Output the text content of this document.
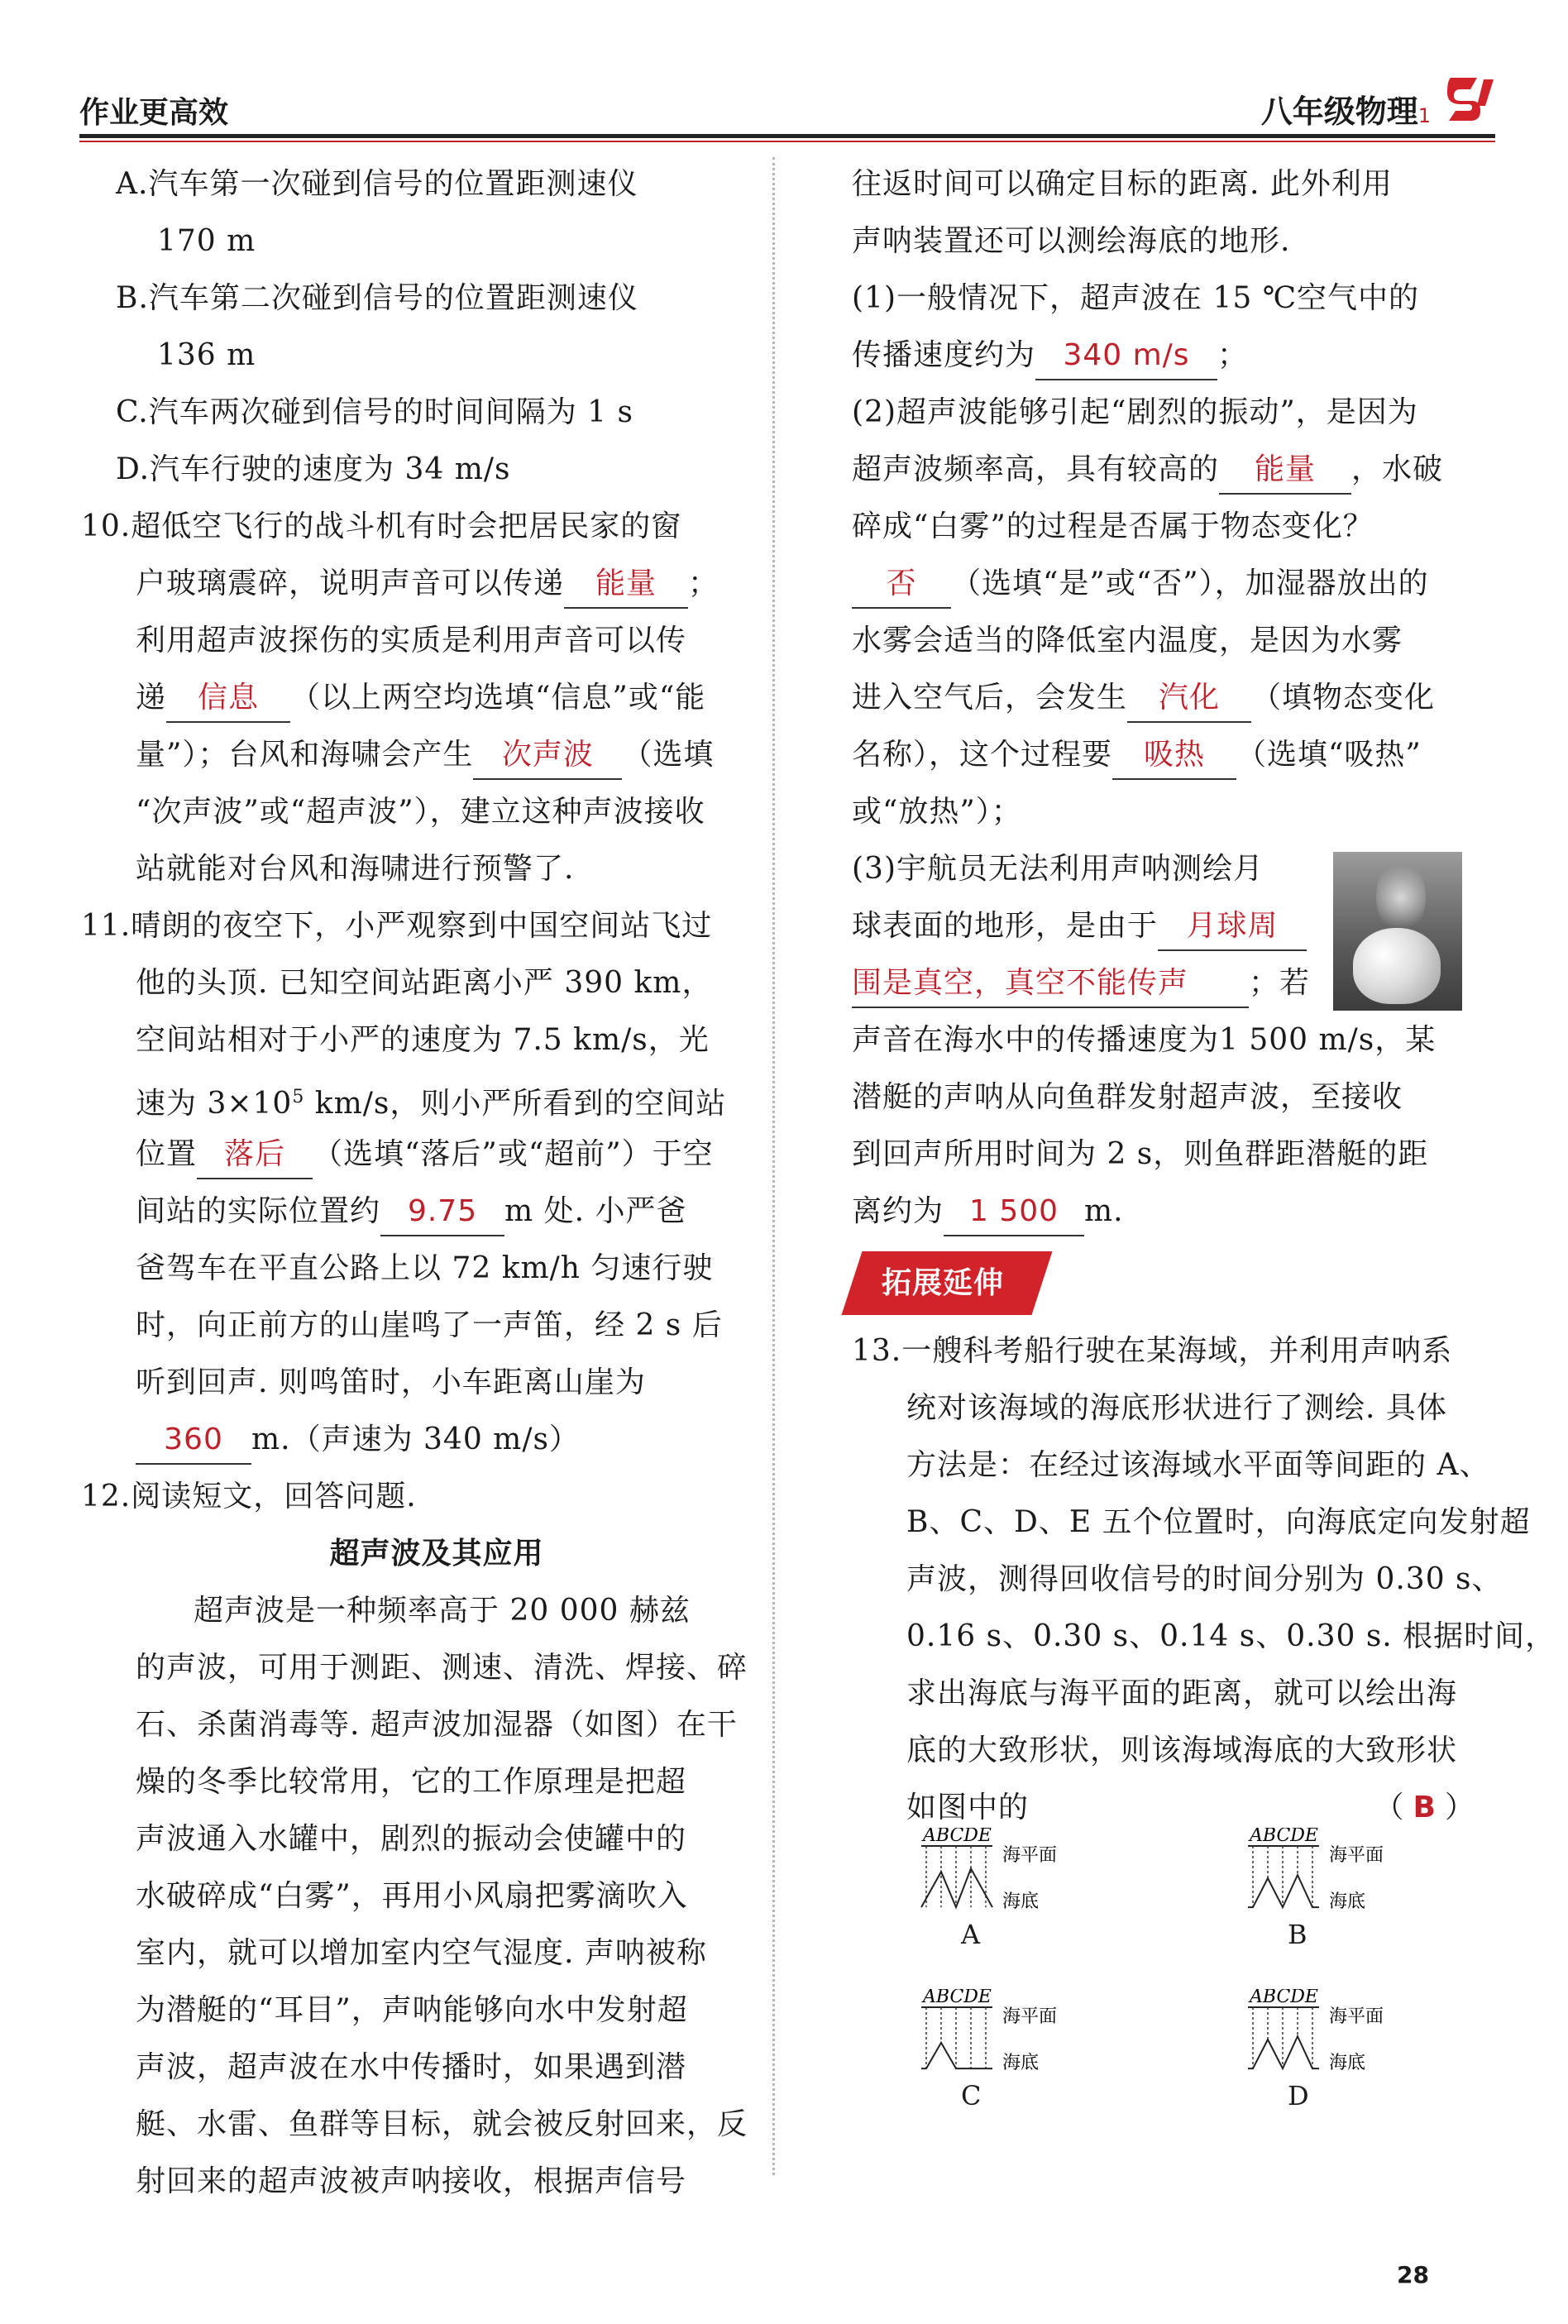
作业更高效	八年级物理1
A.汽车第一次碰到信号的位置距测速仪
170 m
B.汽车第二次碰到信号的位置距测速仪
136 m
C.汽车两次碰到信号的时间间隔为 1 s
D.汽车行驶的速度为 34 m/s
10.超低空飞行的战斗机有时会把居民家的窗
户玻璃震碎，说明声音可以传递 能量 ；
利用超声波探伤的实质是利用声音可以传
递 信息 （以上两空均选填“信息”或“能
量”）；台风和海啸会产生 次声波 （选填
“次声波”或“超声波”），建立这种声波接收
站就能对台风和海啸进行预警了.
11.晴朗的夜空下，小严观察到中国空间站飞过
他的头顶. 已知空间站距离小严 390 km，
空间站相对于小严的速度为 7.5 km/s，光
速为 $3\times 10^5$ km/s，则小严所看到的空间站
位置 落后 （选填“落后”或“超前”）于空
间站的实际位置约 9.75 m 处. 小严爸
爸驾车在平直公路上以 72 km/h 匀速行驶
时，向正前方的山崖鸣了一声笛，经 2 s 后
听到回声. 则鸣笛时，小车距离山崖为
360 m.（声速为 340 m/s）
12.阅读短文，回答问题.
超声波及其应用
超声波是一种频率高于 20 000 赫兹
的声波，可用于测距、测速、清洗、焊接、碎
石、杀菌消毒等. 超声波加湿器（如图）在干
燥的冬季比较常用，它的工作原理是把超
声波通入水罐中，剧烈的振动会使罐中的
水破碎成“白雾”，再用小风扇把雾滴吹入
室内，就可以增加室内空气湿度. 声呐被称
为潜艇的“耳目”，声呐能够向水中发射超
声波，超声波在水中传播时，如果遇到潜
艇、水雷、鱼群等目标，就会被反射回来，反
射回来的超声波被声呐接收，根据声信号
往返时间可以确定目标的距离. 此外利用
声呐装置还可以测绘海底的地形.
(1)一般情况下，超声波在 15 ℃空气中的
传播速度约为 340 m/s ；
(2)超声波能够引起“剧烈的振动”，是因为
超声波频率高，具有较高的 能量 ，水破
碎成“白雾”的过程是否属于物态变化？
否 （选填“是”或“否”），加湿器放出的
水雾会适当的降低室内温度，是因为水雾
进入空气后，会发生 汽化 （填物态变化
名称），这个过程要 吸热 （选填“吸热”
或“放热”）；
(3)宇航员无法利用声呐测绘月
球表面的地形，是由于 月球周
围是真空，真空不能传声 ；若
声音在海水中的传播速度为1 500 m/s，某
潜艇的声呐从向鱼群发射超声波，至接收
到回声所用时间为 2 s，则鱼群距潜艇的距
离约为 1 500 m.
拓展延伸
13.一艘科考船行驶在某海域，并利用声呐系
统对该海域的海底形状进行了测绘. 具体
方法是：在经过该海域水平面等间距的 A、
B、C、D、E 五个位置时，向海底定向发射超
声波，测得回收信号的时间分别为 0.30 s、
0.16 s、0.30 s、0.14 s、0.30 s. 根据时间，
求出海底与海平面的距离，就可以绘出海
底的大致形状，则该海域海底的大致形状
如图中的	（ B ）
ABCDE
海平面
海底
A
ABCDE
海平面
海底
B
ABCDE
海平面
海底
C
ABCDE
海平面
海底
D
28
